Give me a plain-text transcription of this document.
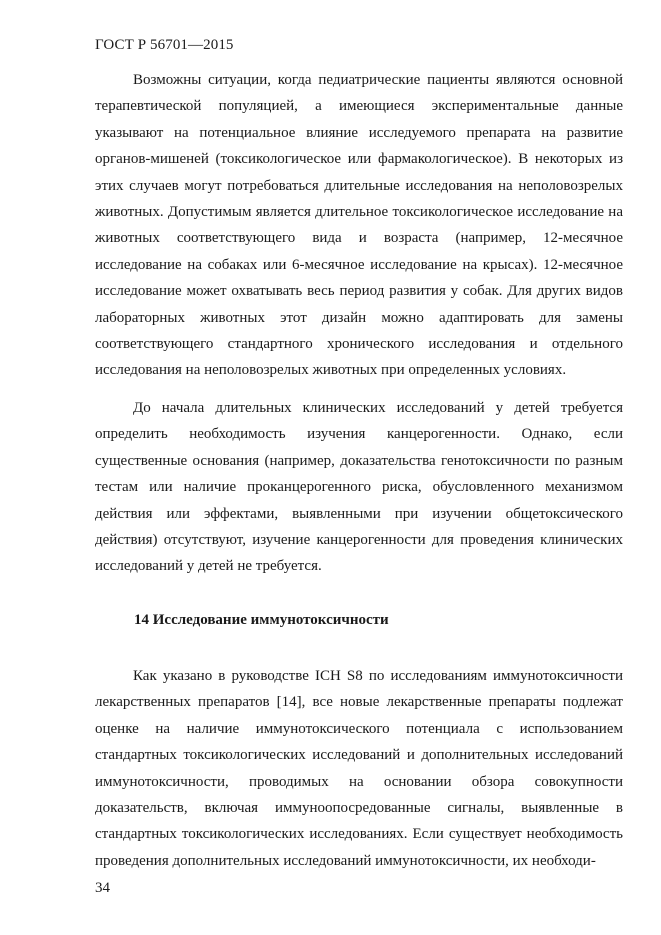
ГОСТ Р 56701—2015

Возможны ситуации, когда педиатрические пациенты являются основной терапевтической популяцией, а имеющиеся экспериментальные данные указывают на потенциальное влияние исследуемого препарата на развитие органов-мишеней (токсикологическое или фармакологическое). В некоторых из этих случаев могут потребоваться длительные исследования на неполовозрелых животных. Допустимым является длительное токсикологическое исследование на животных соответствующего вида и возраста (например, 12-месячное исследование на собаках или 6-месячное исследование на крысах). 12-месячное исследование может охватывать весь период развития у собак. Для других видов лабораторных животных этот дизайн можно адаптировать для замены соответствующего стандартного хронического исследования и отдельного исследования на неполовозрелых животных при определенных условиях.

До начала длительных клинических исследований у детей требуется определить необходимость изучения канцерогенности. Однако, если существенные основания (например, доказательства генотоксичности по разным тестам или наличие проканцерогенного риска, обусловленного механизмом действия или эффектами, выявленными при изучении общетоксического действия) отсутствуют, изучение канцерогенности для проведения клинических исследований у детей не требуется.

14 Исследование иммунотоксичности

Как указано в руководстве ICH S8 по исследованиям иммунотоксичности лекарственных препаратов [14], все новые лекарственные препараты подлежат оценке на наличие иммунотоксического потенциала с использованием стандартных токсикологических исследований и дополнительных исследований иммунотоксичности, проводимых на основании обзора совокупности доказательств, включая иммуноопосредованные сигналы, выявленные в стандартных токсикологических исследованиях. Если существует необходимость проведения дополнительных исследований иммунотоксичности, их необходи-

34
